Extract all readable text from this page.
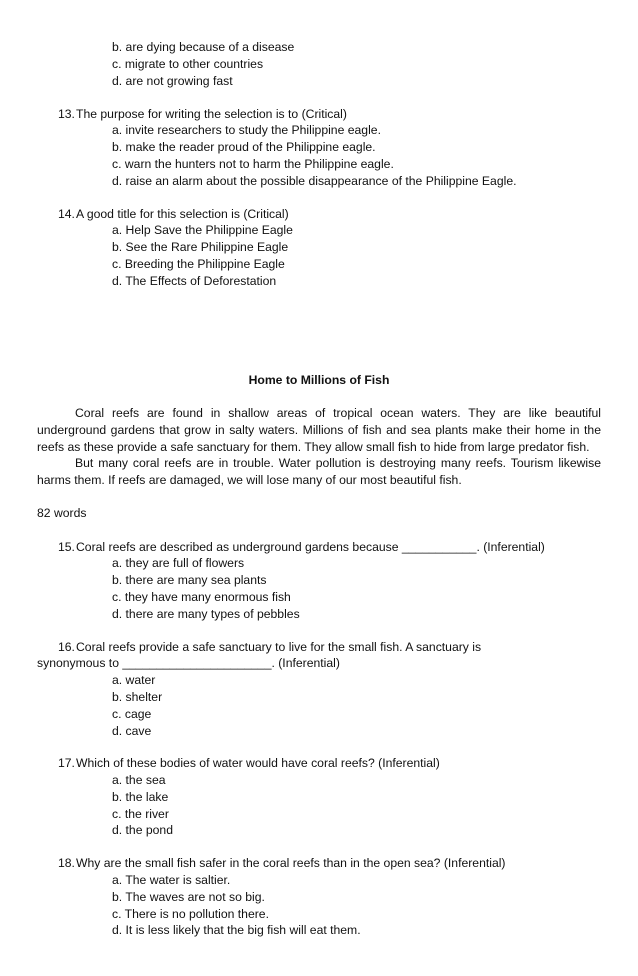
b. are dying because of a disease
c. migrate to other countries
d. are not growing fast
13.The purpose for writing the selection is to (Critical)
a. invite researchers to study the Philippine eagle.
b. make the reader proud of the Philippine eagle.
c. warn the hunters not to harm the Philippine eagle.
d. raise an alarm about the possible disappearance of the Philippine Eagle.
14.A good title for this selection is (Critical)
a. Help Save the Philippine Eagle
b. See the Rare Philippine Eagle
c. Breeding the Philippine Eagle
d. The Effects of Deforestation
Home to Millions of Fish

Coral reefs are found in shallow areas of tropical ocean waters. They are like beautiful underground gardens that grow in salty waters. Millions of fish and sea plants make their home in the reefs as these provide a safe sanctuary for them. They allow small fish to hide from large predator fish.

But many coral reefs are in trouble. Water pollution is destroying many reefs. Tourism likewise harms them. If reefs are damaged, we will lose many of our most beautiful fish.

82 words
15.Coral reefs are described as underground gardens because ___________. (Inferential)
a. they are full of flowers
b. there are many sea plants
c. they have many enormous fish
d. there are many types of pebbles
16.Coral reefs provide a safe sanctuary to live for the small fish. A sanctuary is
synonymous to ______________________. (Inferential)
a. water
b. shelter
c. cage
d. cave
17.Which of these bodies of water would have coral reefs? (Inferential)
a. the sea
b. the lake
c. the river
d. the pond
18.Why are the small fish safer in the coral reefs than in the open sea? (Inferential)
a. The water is saltier.
b. The waves are not so big.
c. There is no pollution there.
d. It is less likely that the big fish will eat them.
